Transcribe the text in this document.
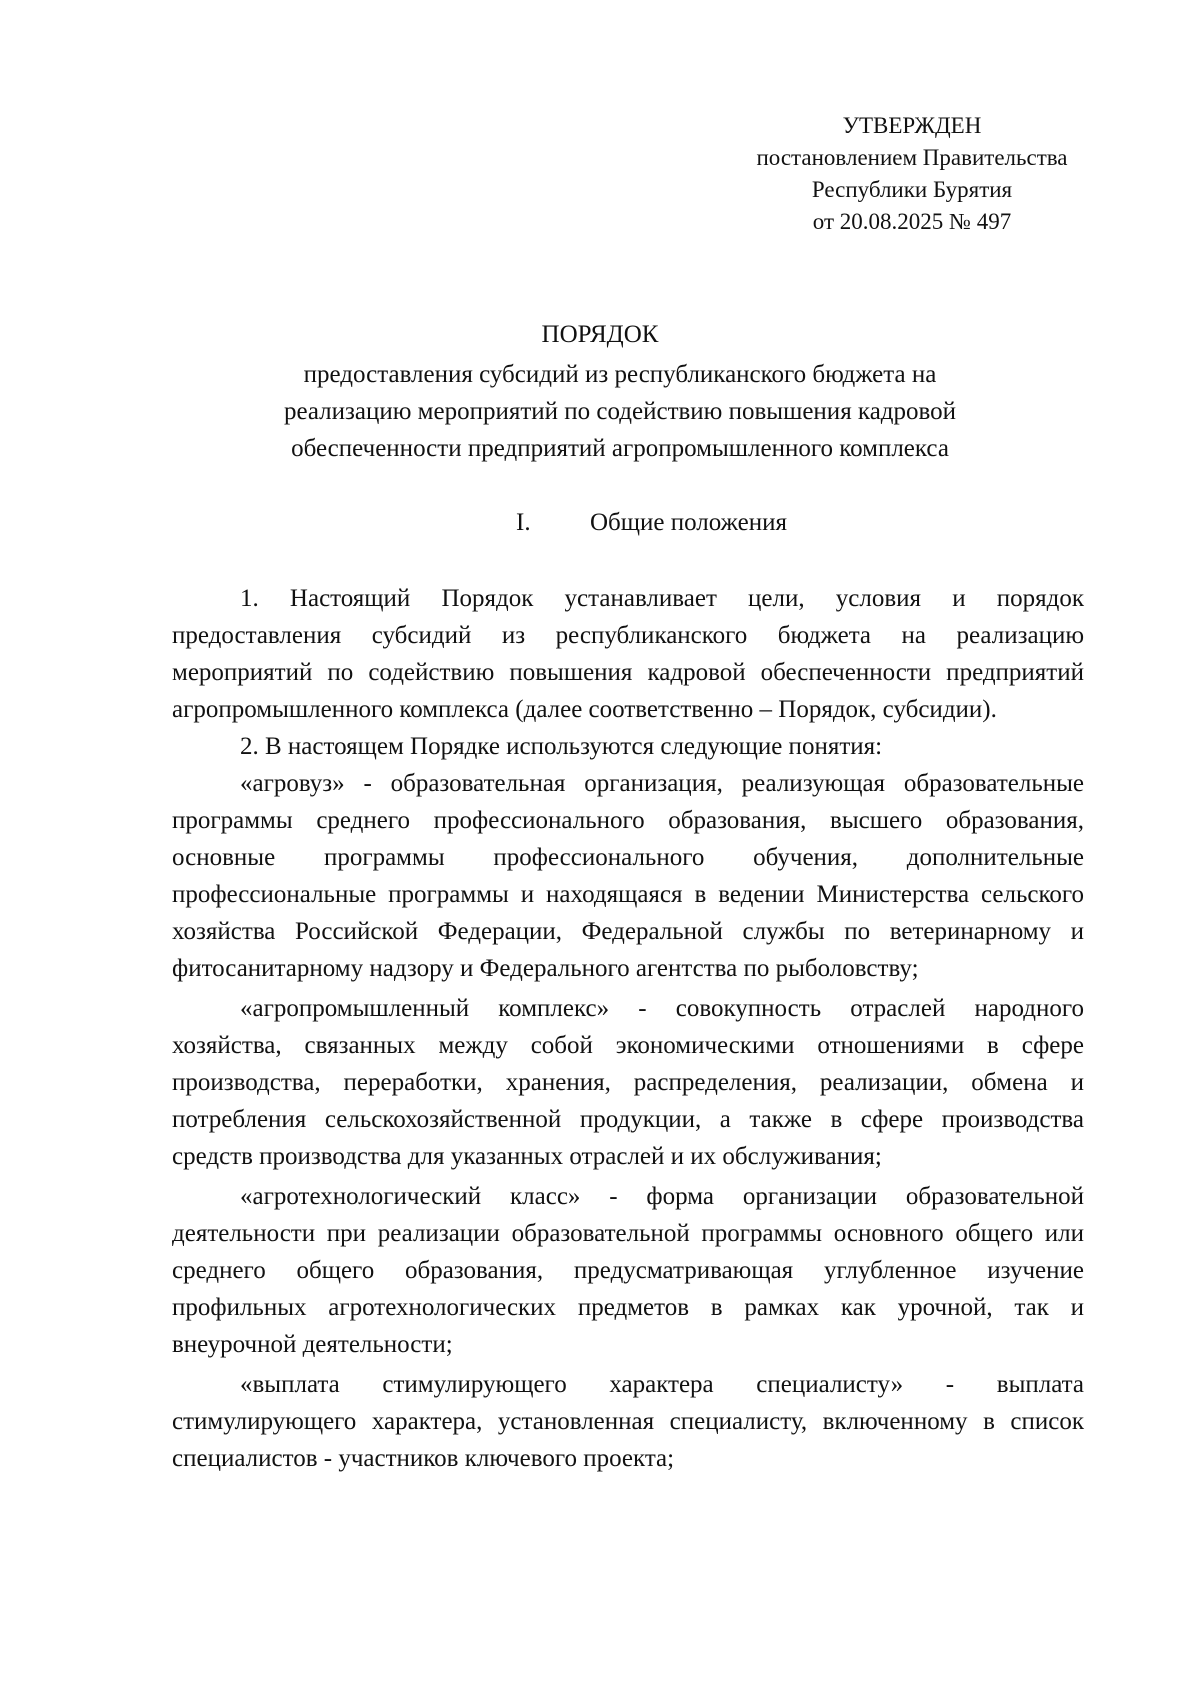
УТВЕРЖДЕН
постановлением Правительства
Республики Бурятия
от 20.08.2025 № 497
ПОРЯДОК
предоставления субсидий из республиканского бюджета на
реализацию мероприятий по содействию повышения кадровой
обеспеченности предприятий агропромышленного комплекса
I. Общие положения

1. Настоящий Порядок устанавливает цели, условия и порядок предоставления субсидий из республиканского бюджета на реализацию мероприятий по содействию повышения кадровой обеспеченности предприятий агропромышленного комплекса (далее соответственно – Порядок, субсидии).

2. В настоящем Порядке используются следующие понятия:

«агровуз» - образовательная организация, реализующая образовательные программы среднего профессионального образования, высшего образования, основные программы профессионального обучения, дополнительные профессиональные программы и находящаяся в ведении Министерства сельского хозяйства Российской Федерации, Федеральной службы по ветеринарному и фитосанитарному надзору и Федерального агентства по рыболовству;

«агропромышленный комплекс» - совокупность отраслей народного хозяйства, связанных между собой экономическими отношениями в сфере производства, переработки, хранения, распределения, реализации, обмена и потребления сельскохозяйственной продукции, а также в сфере производства средств производства для указанных отраслей и их обслуживания;

«агротехнологический класс» - форма организации образовательной деятельности при реализации образовательной программы основного общего или среднего общего образования, предусматривающая углубленное изучение профильных агротехнологических предметов в рамках как урочной, так и внеурочной деятельности;

«выплата стимулирующего характера специалисту» - выплата стимулирующего характера, установленная специалисту, включенному в список специалистов - участников ключевого проекта;
